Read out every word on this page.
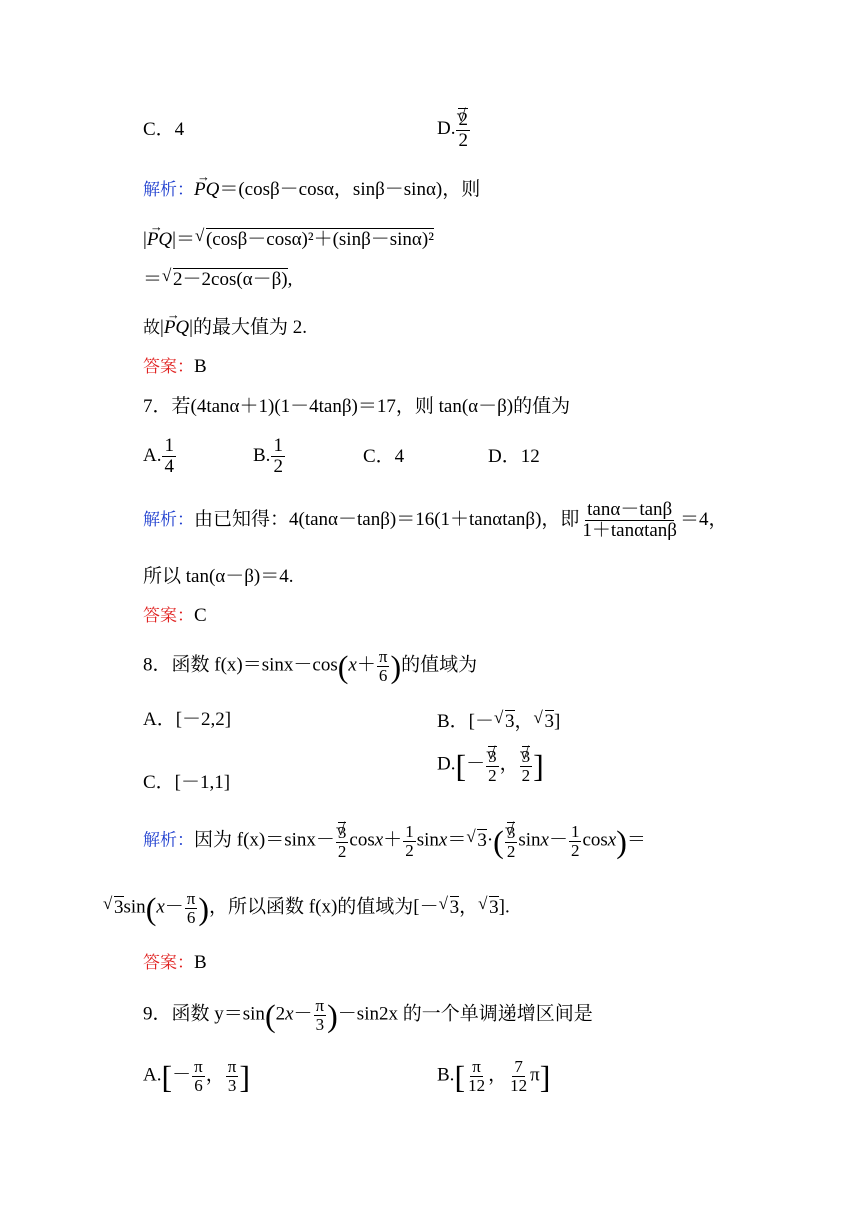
C．4	D.
√ $\frac{2}{2}$
解析：→ PQ＝(cosβ－cosα，sinβ－sinα)，则
|→ PQ|＝√ (cosβ－cosα)²＋(sinβ－sinα)²
＝√ 2－2cos(α－β),
故|→ PQ|的最大值为 2.
答案：B
7．若(4tanα＋1)(1－4tanβ)＝17，则 tan(α－β)的值为
A. $\frac{1}{4}$	B. $\frac{1}{2}$	C．4	D．12
解析：由已知得：4(tanα－tanβ)＝16(1＋tanαtanβ)，即 $\frac{\tan\alpha-\tan\beta}{1+\tan\alpha\tan\beta} =4$，
所以 tan(α－β)＝4.
答案：C
8．函数 $f(x)=\sin x-\cos(x+ \frac{\pi}{6}$ )的值域为
A．[－2,2]	B．[－√ 3，√ 3]
C．[－1,1]
D.[－
√ $\frac{3}{2}$ ，
√ $\frac{3}{2}$ ]
解析：因为 f(x)＝sinx－
√ $\frac{3}{2} \cos x+ \frac{1}{2} \sin x=√$ 3·(
√ $\frac{3}{2} \sin x- \frac{1}{2} \cos x)=$
√ $3\sin(x- \frac{\pi}{6}$ )，所以函数 f(x)的值域为[－√ 3，√ 3].
答案：B
9．函数 $y=\sin(2x- \frac{\pi}{3} )-\sin 2x$ 的一个单调递增区间是
$A.[- \frac{\pi}{6}$ ， $\frac{\pi}{3}$ ]	$B.[ \frac{\pi}{12}$ ， $\frac{7}{12} \pi$]
